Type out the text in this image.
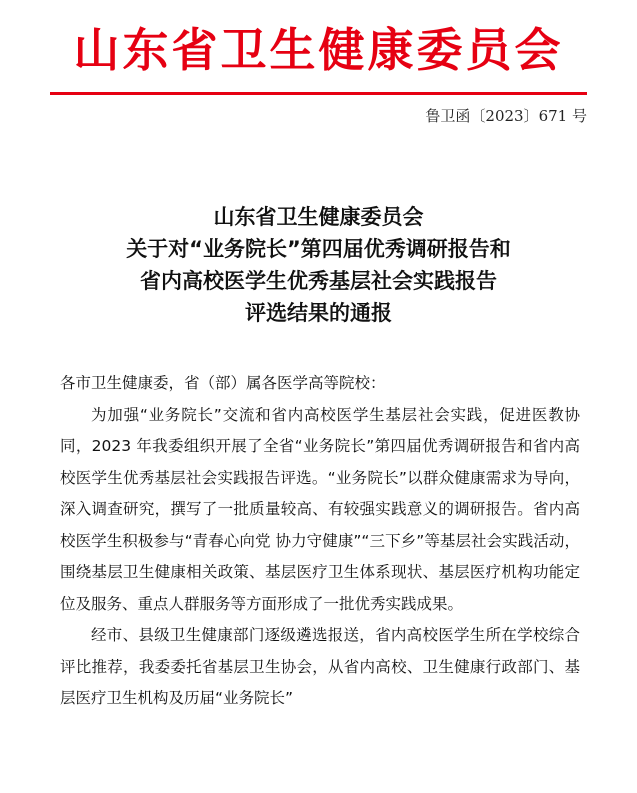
山东省卫生健康委员会
鲁卫函〔2023〕671 号
山东省卫生健康委员会
关于对“业务院长”第四届优秀调研报告和
省内高校医学生优秀基层社会实践报告
评选结果的通报

各市卫生健康委，省（部）属各医学高等院校：

为加强“业务院长”交流和省内高校医学生基层社会实践，促进医教协同，2023 年我委组织开展了全省“业务院长”第四届优秀调研报告和省内高校医学生优秀基层社会实践报告评选。“业务院长”以群众健康需求为导向，深入调查研究，撰写了一批质量较高、有较强实践意义的调研报告。省内高校医学生积极参与“青春心向党 协力守健康”“三下乡”等基层社会实践活动，围绕基层卫生健康相关政策、基层医疗卫生体系现状、基层医疗机构功能定位及服务、重点人群服务等方面形成了一批优秀实践成果。

经市、县级卫生健康部门逐级遴选报送，省内高校医学生所在学校综合评比推荐，我委委托省基层卫生协会，从省内高校、卫生健康行政部门、基层医疗卫生机构及历届“业务院长”
